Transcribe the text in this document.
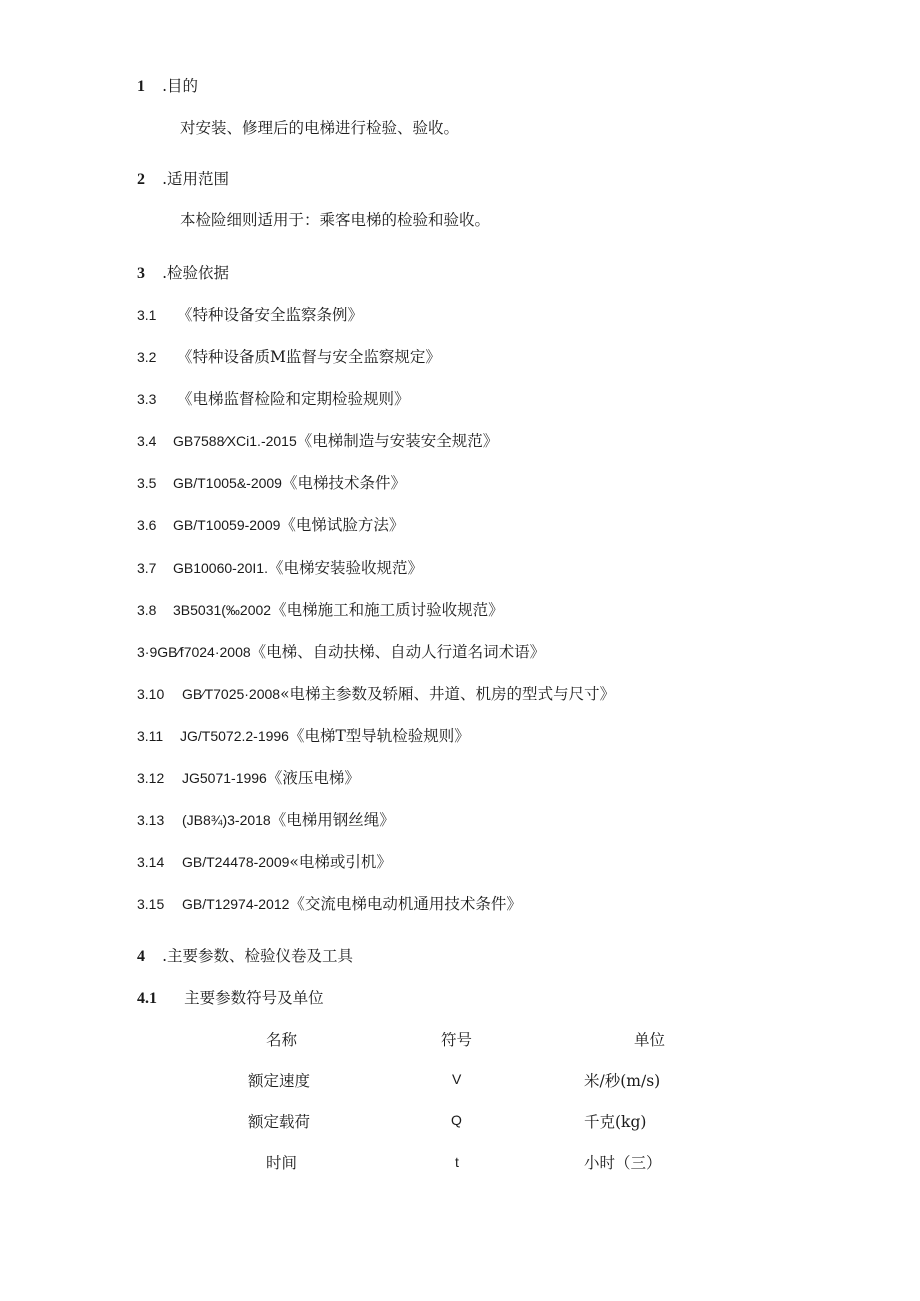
1 .目的
对安装、修理后的电梯进行检验、验收。
2 .适用范围
本检险细则适用于：乘客电梯的检验和验收。
3 .检验依据
3.1 《特种设备安全监察条例》
3.2 《特种设备质M监督与安全监察规定》
3.3 《电梯监督检险和定期检验规则》
3.4 GB7588∕XCi1.-2015《电梯制造与安装安全规范》
3.5 GB/T1005&-2009《电梯技术条件》
3.6 GB/T10059-2009《电悌试脸方法》
3.7 GB10060-20I1.《电梯安装验收规范》
3.8 3B5031(‰2002《电梯施工和施工质讨验收规范》
3·9GB∕f7024·2008《电梯、自动扶梯、自动人行道名词术语》
3.10 GB∕T7025·2008«电梯主参数及轿厢、井道、机房的型式与尺寸》
3.11 JG/T5072.2-1996《电梯T型导轨检验规则》
3.12 JG5071-1996《液压电梯》
3.13 (JB8¾)3-2018《电梯用钢丝绳》
3.14 GB/T24478-2009«电梯或引机》
3.15 GB/T12974-2012《交流电梯电动机通用技术条件》
4 .主要参数、检验仪卷及工具
4.1 主要参数符号及单位
名称	符号	单位
额定速度	V	米/秒(m∕s)
额定载荷	Q	千克(kg)
时间	t	小时（三）
